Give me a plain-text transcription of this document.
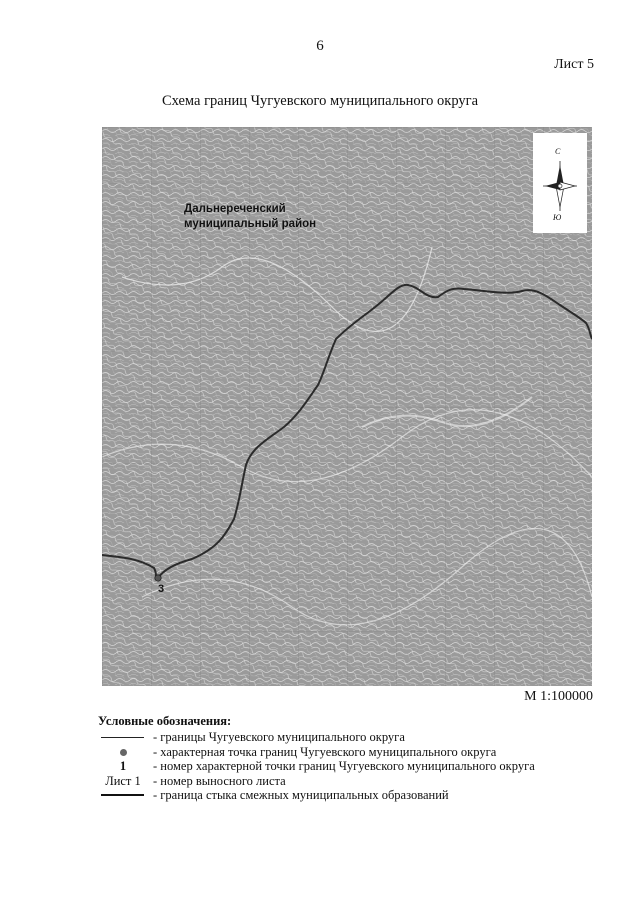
6
Лист 5
Схема границ Чугуевского муниципального округа
Дальнереченский
муниципальный район
С
Ю
3
М 1:100000
Условные обозначения:
- границы Чугуевского муниципального округа
- характерная точка границ Чугуевского муниципального округа
1	- номер характерной точки границ Чугуевского муниципального округа
Лист 1 - номер выносного листа
- граница стыка смежных муниципальных образований
